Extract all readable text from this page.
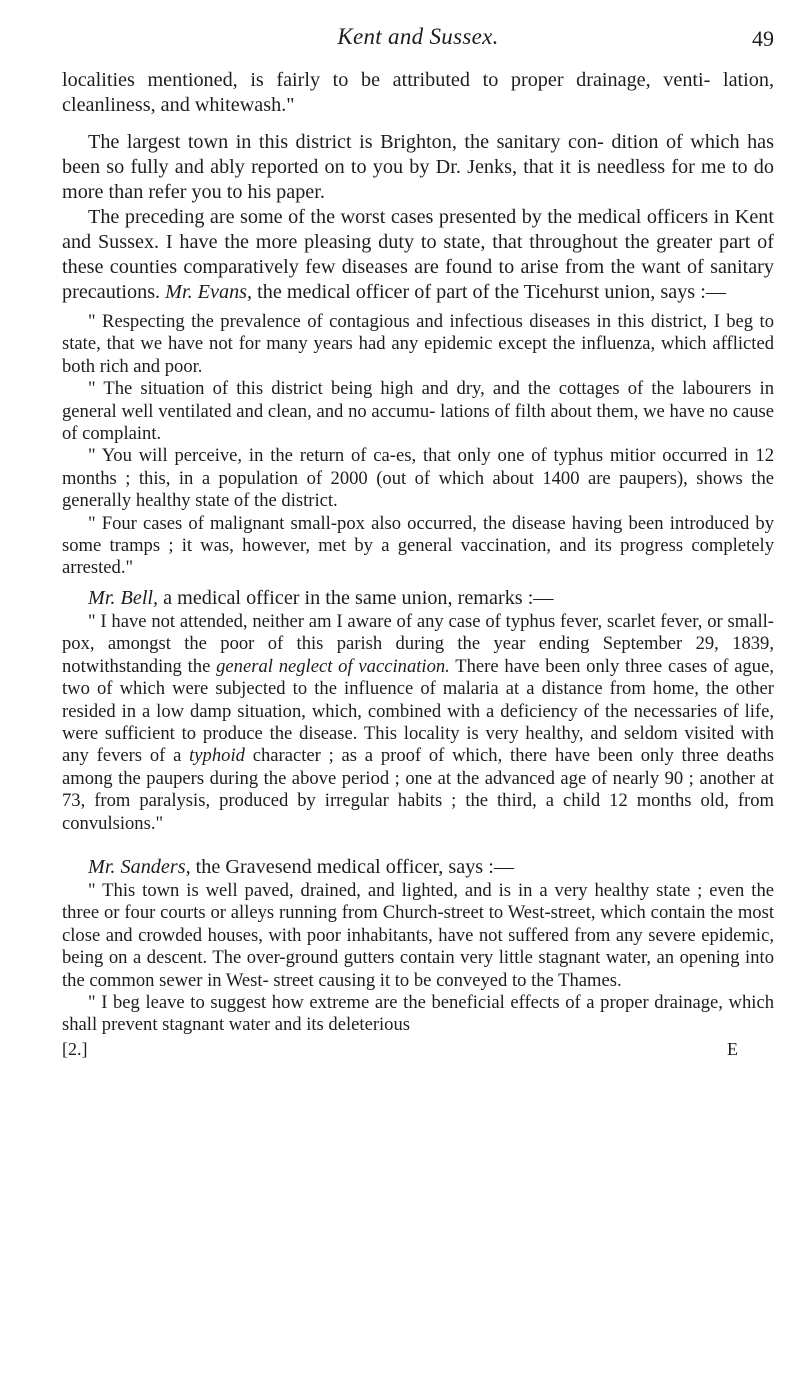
Kent and Sussex.	49

localities mentioned, is fairly to be attributed to proper drainage, venti- lation, cleanliness, and whitewash."

The largest town in this district is Brighton, the sanitary con- dition of which has been so fully and ably reported on to you by Dr. Jenks, that it is needless for me to do more than refer you to his paper.

The preceding are some of the worst cases presented by the medical officers in Kent and Sussex. I have the more pleasing duty to state, that throughout the greater part of these counties comparatively few diseases are found to arise from the want of sanitary precautions. Mr. Evans, the medical officer of part of the Ticehurst union, says :—

" Respecting the prevalence of contagious and infectious diseases in this district, I beg to state, that we have not for many years had any epidemic except the influenza, which afflicted both rich and poor.

" The situation of this district being high and dry, and the cottages of the labourers in general well ventilated and clean, and no accumu- lations of filth about them, we have no cause of complaint.

" You will perceive, in the return of ca-es, that only one of typhus mitior occurred in 12 months ; this, in a population of 2000 (out of which about 1400 are paupers), shows the generally healthy state of the district.

" Four cases of malignant small-pox also occurred, the disease having been introduced by some tramps ; it was, however, met by a general vaccination, and its progress completely arrested."

Mr. Bell, a medical officer in the same union, remarks :—

" I have not attended, neither am I aware of any case of typhus fever, scarlet fever, or small-pox, amongst the poor of this parish during the year ending September 29, 1839, notwithstanding the general neglect of vaccination. There have been only three cases of ague, two of which were subjected to the influence of malaria at a distance from home, the other resided in a low damp situation, which, combined with a deficiency of the necessaries of life, were sufficient to produce the disease. This locality is very healthy, and seldom visited with any fevers of a typhoid character ; as a proof of which, there have been only three deaths among the paupers during the above period ; one at the advanced age of nearly 90 ; another at 73, from paralysis, produced by irregular habits ; the third, a child 12 months old, from convulsions."

Mr. Sanders, the Gravesend medical officer, says :—

" This town is well paved, drained, and lighted, and is in a very healthy state ; even the three or four courts or alleys running from Church-street to West-street, which contain the most close and crowded houses, with poor inhabitants, have not suffered from any severe epidemic, being on a descent. The over-ground gutters contain very little stagnant water, an opening into the common sewer in West- street causing it to be conveyed to the Thames.

" I beg leave to suggest how extreme are the beneficial effects of a proper drainage, which shall prevent stagnant water and its deleterious

[2.]	E
